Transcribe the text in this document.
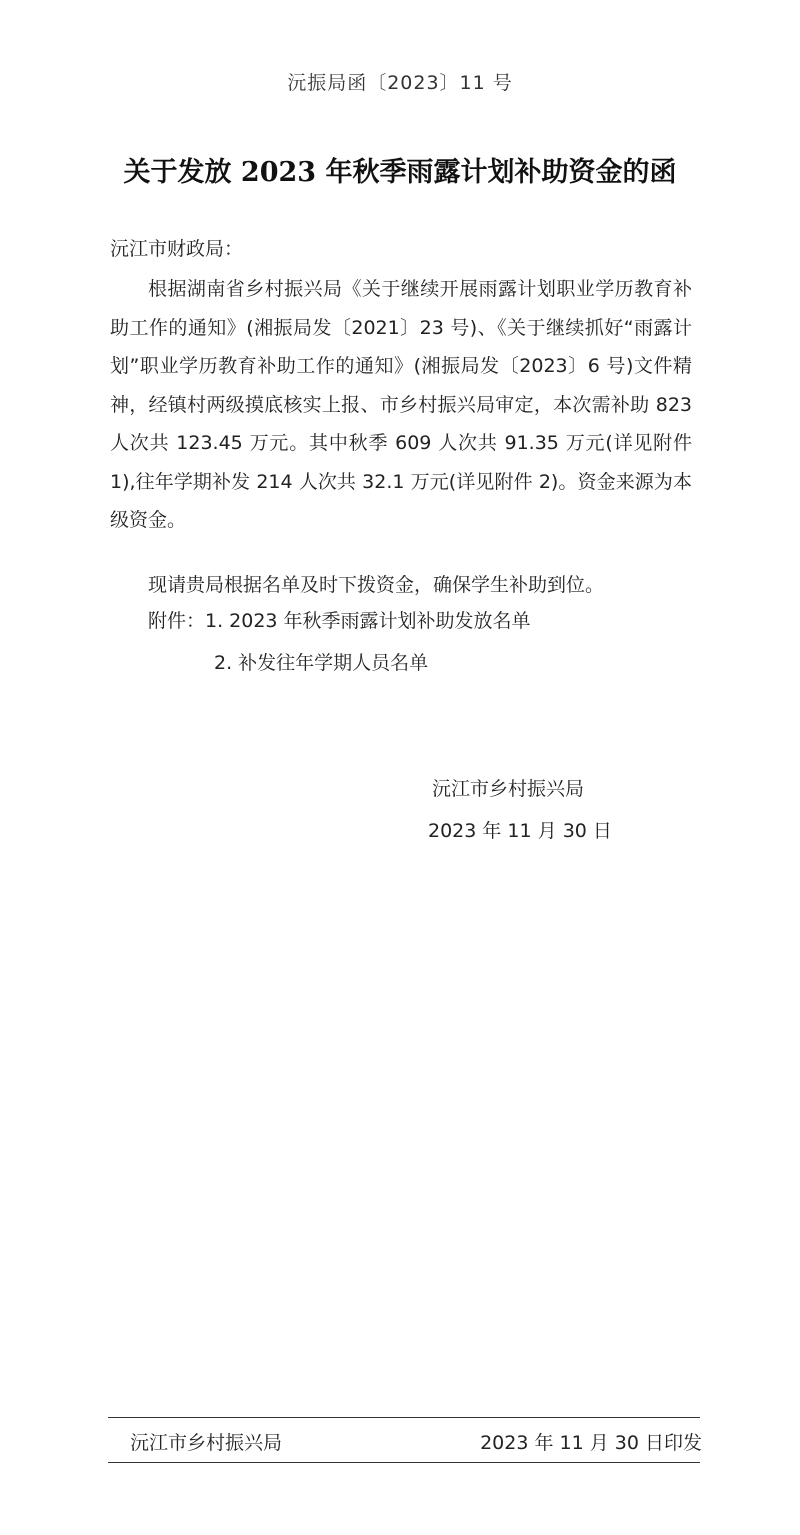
沅振局函〔2023〕11 号
关于发放 2023 年秋季雨露计划补助资金的函
沅江市财政局：
根据湖南省乡村振兴局《关于继续开展雨露计划职业学历教育补助工作的通知》(湘振局发〔2021〕23 号)、《关于继续抓好“雨露计划”职业学历教育补助工作的通知》(湘振局发〔2023〕6 号)文件精神，经镇村两级摸底核实上报、市乡村振兴局审定，本次需补助 823 人次共 123.45 万元。其中秋季 609 人次共 91.35 万元(详见附件 1),往年学期补发 214 人次共 32.1 万元(详见附件 2)。资金来源为本级资金。
现请贵局根据名单及时下拨资金，确保学生补助到位。
附件：1. 2023 年秋季雨露计划补助发放名单
2. 补发往年学期人员名单
沅江市乡村振兴局
2023 年 11 月 30 日
沅江市乡村振兴局	2023 年 11 月 30 日印发
